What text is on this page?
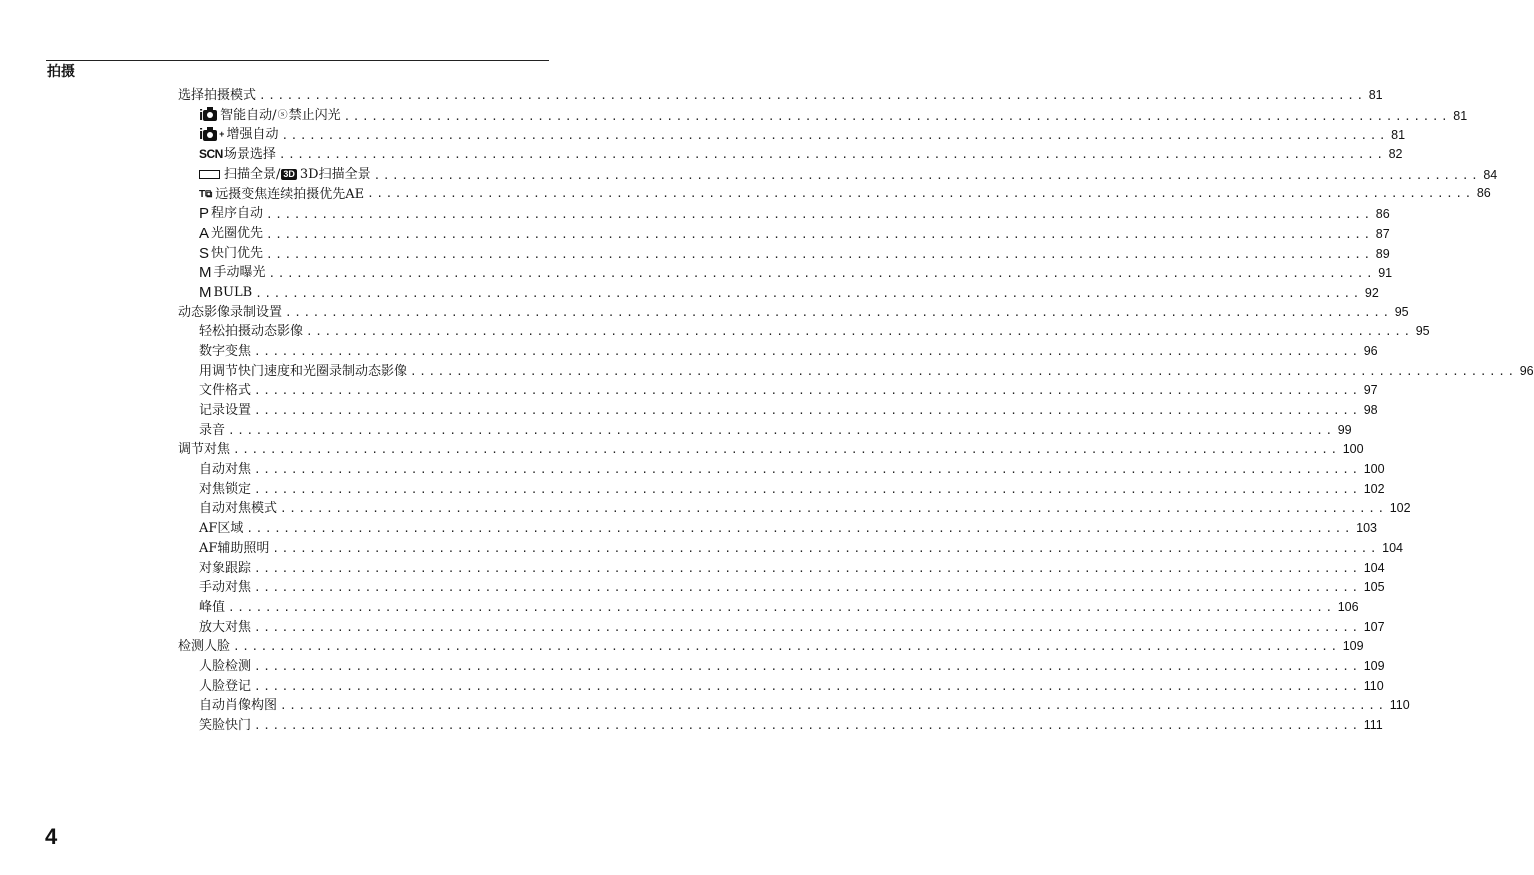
拍摄
选择拍摄模式 ........................................................................................................................ 81
i 智能自动/ ⓢ 禁止闪光 ........................................................................................................................ 81
i + 增强自动 ........................................................................................................................ 81
SCN 场景选择 ........................................................................................................................ 82
扫描全景/ 3D 3D扫描全景 ........................................................................................................................ 84
T⧉ 远摄变焦连续拍摄优先AE ........................................................................................................................ 86
P 程序自动 ........................................................................................................................ 86
A 光圈优先 ........................................................................................................................ 87
S 快门优先 ........................................................................................................................ 89
M 手动曝光 ........................................................................................................................ 91
M BULB ........................................................................................................................ 92
动态影像录制设置 ........................................................................................................................ 95
轻松拍摄动态影像 ........................................................................................................................ 95
数字变焦 ........................................................................................................................ 96
用调节快门速度和光圈录制动态影像 ........................................................................................................................ 96
文件格式 ........................................................................................................................ 97
记录设置 ........................................................................................................................ 98
录音 ........................................................................................................................ 99
调节对焦 ........................................................................................................................ 100
自动对焦 ........................................................................................................................ 100
对焦锁定 ........................................................................................................................ 102
自动对焦模式 ........................................................................................................................ 102
AF区域 ........................................................................................................................ 103
AF辅助照明 ........................................................................................................................ 104
对象跟踪 ........................................................................................................................ 104
手动对焦 ........................................................................................................................ 105
峰值 ........................................................................................................................ 106
放大对焦 ........................................................................................................................ 107
检测人脸 ........................................................................................................................ 109
人脸检测 ........................................................................................................................ 109
人脸登记 ........................................................................................................................ 110
自动肖像构图 ........................................................................................................................ 110
笑脸快门 ........................................................................................................................ 111
4
